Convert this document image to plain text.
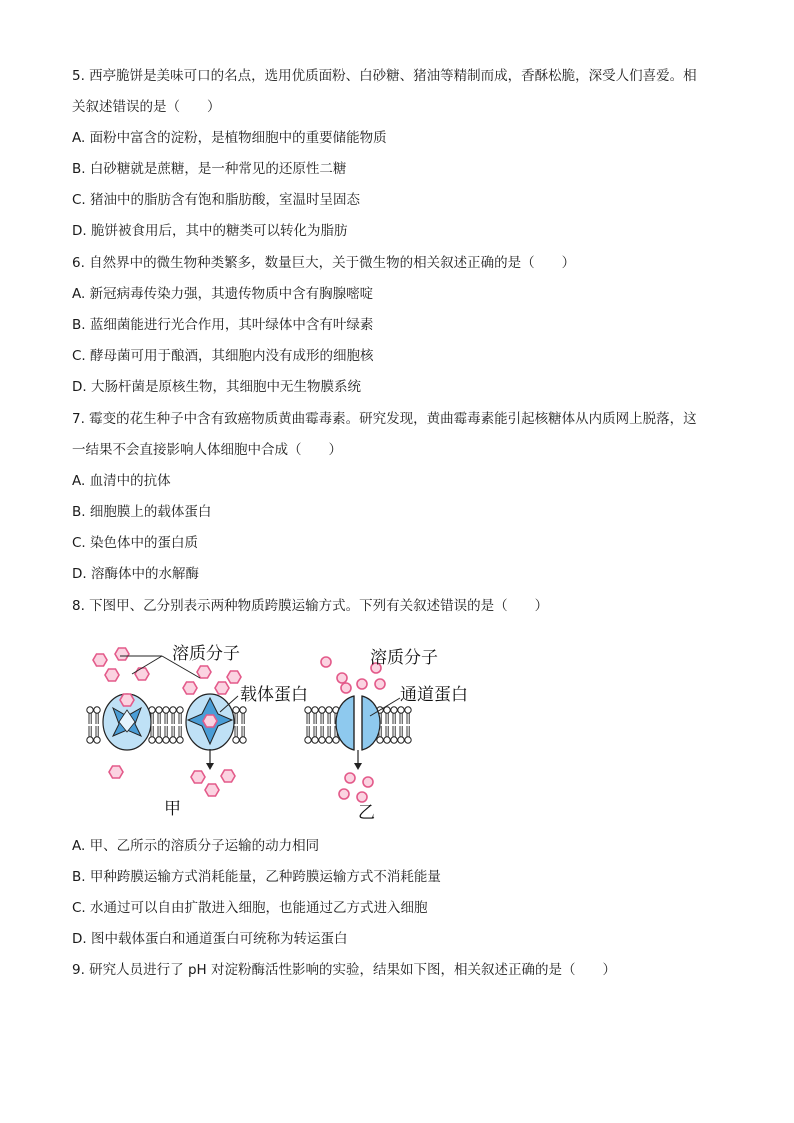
5. 西亭脆饼是美味可口的名点，选用优质面粉、白砂糖、猪油等精制而成，香酥松脆，深受人们喜爱。相
关叙述错误的是（　　）
A. 面粉中富含的淀粉，是植物细胞中的重要储能物质
B. 白砂糖就是蔗糖，是一种常见的还原性二糖
C. 猪油中的脂肪含有饱和脂肪酸，室温时呈固态
D. 脆饼被食用后，其中的糖类可以转化为脂肪
6. 自然界中的微生物种类繁多，数量巨大，关于微生物的相关叙述正确的是（　　）
A. 新冠病毒传染力强，其遗传物质中含有胸腺嘧啶
B. 蓝细菌能进行光合作用，其叶绿体中含有叶绿素
C. 酵母菌可用于酿酒，其细胞内没有成形的细胞核
D. 大肠杆菌是原核生物，其细胞中无生物膜系统
7. 霉变的花生种子中含有致癌物质黄曲霉毒素。研究发现，黄曲霉毒素能引起核糖体从内质网上脱落，这
一结果不会直接影响人体细胞中合成（　　）
A. 血清中的抗体
B. 细胞膜上的载体蛋白
C. 染色体中的蛋白质
D. 溶酶体中的水解酶
8. 下图甲、乙分别表示两种物质跨膜运输方式。下列有关叙述错误的是（　　）
溶质分子
载体蛋白
溶质分子
通道蛋白
甲	乙
A. 甲、乙所示的溶质分子运输的动力相同
B. 甲种跨膜运输方式消耗能量，乙种跨膜运输方式不消耗能量
C. 水通过可以自由扩散进入细胞，也能通过乙方式进入细胞
D. 图中载体蛋白和通道蛋白可统称为转运蛋白
9. 研究人员进行了 pH 对淀粉酶活性影响的实验，结果如下图，相关叙述正确的是（　　）
